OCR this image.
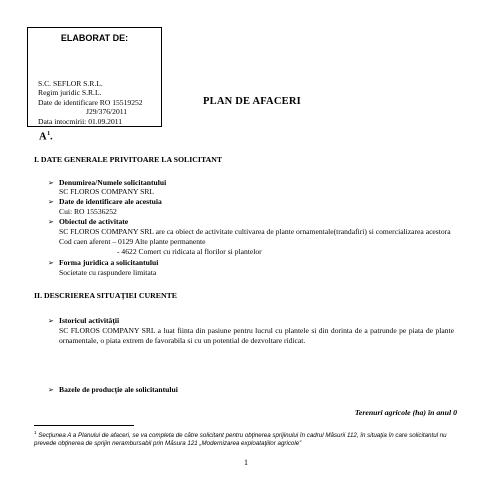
ELABORAT DE:
S.C. SEFLOR S.R.L.
Regim juridic S.R.L.
Date de identificare RO 15519252
J29/376/2011
Data intocmirii: 01.09.2011
PLAN DE AFACERI
$A^1$.
I. DATE GENERALE PRIVITOARE LA SOLICITANT
➢ Denumirea/Numele solicitantului
SC FLOROS COMPANY SRL
➢ Date de identificare ale acestuia
Cui: RO 15536252
➢ Obiectul de activitate
SC FLOROS COMPANY SRL are ca obiect de activitate cultivarea de plante ornamentale(trandafiri) si comercializarea acestora
Cod caen aferent – 0129 Alte plante permanente
- 4622 Comert cu ridicata al florilor si plantelor
➢ Forma juridica a solicitantului
Societate cu raspundere limitata
II. DESCRIEREA SITUAŢIEI CURENTE
➢ Istoricul activităţii
SC FLOROS COMPANY SRL a luat fiinta din pasiune pentru lucrul cu plantele si din dorinta de a patrunde pe piata de plante ornamentale, o piata extrem de favorabila si cu un potential de dezvoltare ridicat.
➢ Bazele de producţie ale solicitantului
Terenuri agricole (ha) în anul 0
$^1$ Secţiunea A a Planului de afaceri, se va completa de către solicitant pentru obţinerea sprijinului în cadrul Măsurii 112, în situaţia în care solicitantul nu prevede obţinerea de sprijin nerambursabil prin Măsura 121 „Modernizarea exploataţiilor agricole”
1
